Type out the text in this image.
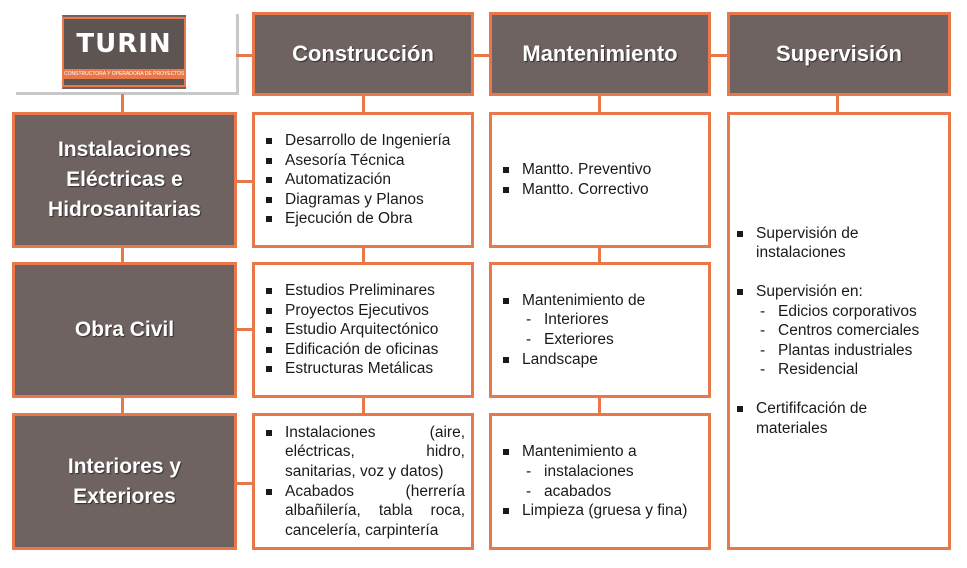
TURIN
CONSTRUCTORA Y OPERADORA DE PROYECTOS
Construcción	Mantenimiento	Supervisión
Instalaciones
Eléctricas e
Hidrosanitarias
Obra Civil
Interiores y
Exteriores
Desarrollo de Ingeniería
Asesoría Técnica
Automatización
Diagramas y Planos
Ejecución de Obra
Estudios Preliminares
Proyectos Ejecutivos
Estudio Arquitectónico
Edificación de oficinas
Estructuras Metálicas
Instalaciones (aire, eléctricas, hidro, sanitarias, voz y datos)
Acabados (herrería albañilería, tabla roca, cancelería, carpintería
Mantto. Preventivo
Mantto. Correctivo
Mantenimiento de
- Interiores
- Exteriores
Landscape
Mantenimiento a
- instalaciones
- acabados
Limpieza (gruesa y fina)
Supervisión de instalaciones
Supervisión en:
- Edicios corporativos
- Centros comerciales
- Plantas industriales
- Residencial
Certififcación de materiales
